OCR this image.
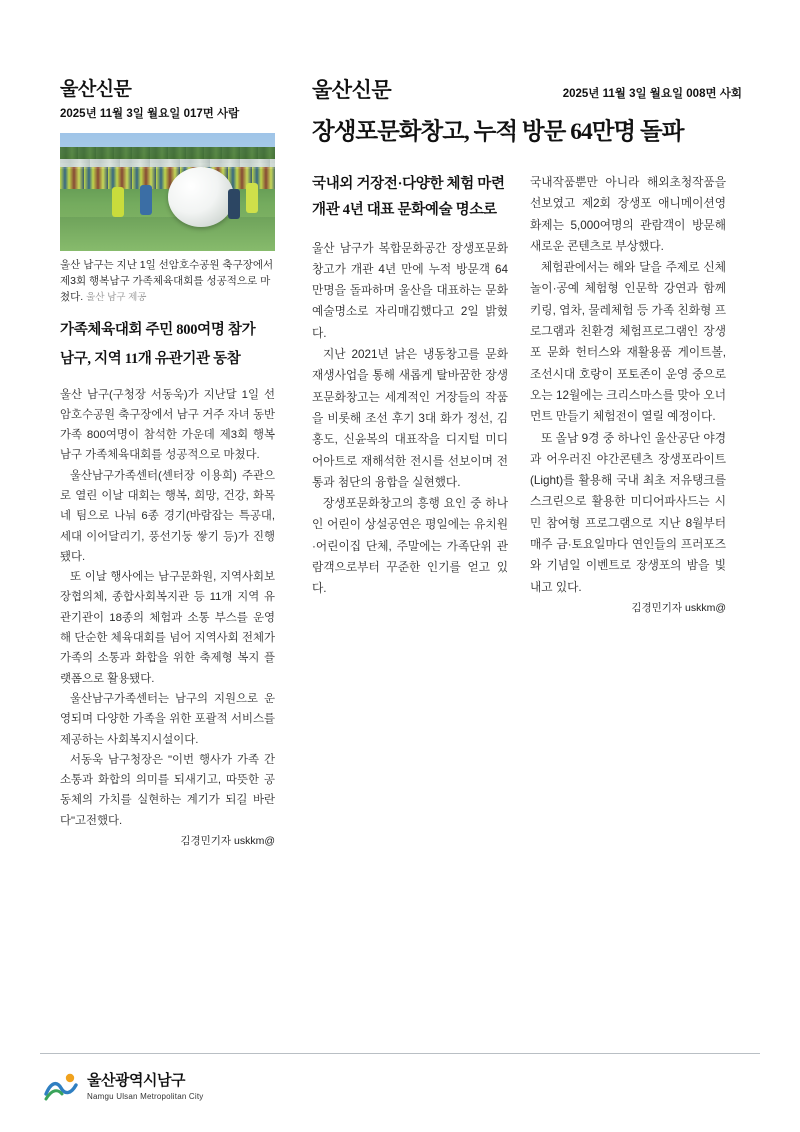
울산신문
2025년 11월 3일 월요일 017면 사람
울산 남구는 지난 1일 선암호수공원 축구장에서 제3회 행복남구 가족체육대회를 성공적으로 마쳤다. 울산 남구 제공
가족체육대회 주민 800여명 참가
남구, 지역 11개 유관기관 동참

울산 남구(구청장 서동욱)가 지난달 1일 선암호수공원 축구장에서 남구 거주 자녀 동반 가족 800여명이 참석한 가운데 제3회 행복남구 가족체육대회를 성공적으로 마쳤다.

울산남구가족센터(센터장 이용희) 주관으로 열린 이날 대회는 행복, 희망, 건강, 화목 네 팀으로 나눠 6종 경기(바람잡는 특공대, 세대 이어달리기, 풍선기둥 쌓기 등)가 진행됐다.

또 이날 행사에는 남구문화원, 지역사회보장협의체, 종합사회복지관 등 11개 지역 유관기관이 18종의 체험과 소통 부스를 운영해 단순한 체육대회를 넘어 지역사회 전체가 가족의 소통과 화합을 위한 축제형 복지 플랫폼으로 활용됐다.

울산남구가족센터는 남구의 지원으로 운영되며 다양한 가족을 위한 포괄적 서비스를 제공하는 사회복지시설이다.

서동욱 남구청장은 "이번 행사가 가족 간 소통과 화합의 의미를 되새기고, 따뜻한 공동체의 가치를 실현하는 계기가 되길 바란다"고전했다.

김경민기자 uskkm@
울산신문	2025년 11월 3일 월요일 008면 사회
장생포문화창고, 누적 방문 64만명 돌파
국내외 거장전·다양한 체험 마련
개관 4년 대표 문화예술 명소로

울산 남구가 복합문화공간 장생포문화창고가 개관 4년 만에 누적 방문객 64만명을 돌파하며 울산을 대표하는 문화예술명소로 자리매김했다고 2일 밝혔다.

지난 2021년 낡은 냉동창고를 문화재생사업을 통해 새롭게 탈바꿈한 장생포문화창고는 세계적인 거장들의 작품을 비롯해 조선 후기 3대 화가 정선, 김홍도, 신윤복의 대표작을 디지털 미디어아트로 재해석한 전시를 선보이며 전통과 첨단의 융합을 실현했다.

장생포문화창고의 흥행 요인 중 하나인 어린이 상설공연은 평일에는 유치원·어린이집 단체, 주말에는 가족단위 관람객으로부터 꾸준한 인기를 얻고 있다.

국내작품뿐만 아니라 해외초청작품을 선보였고 제2회 장생포 애니메이션영화제는 5,000여명의 관람객이 방문해 새로운 콘텐츠로 부상했다.

체험관에서는 해와 달을 주제로 신체놀이·공예 체험형 인문학 강연과 함께 키링, 엽차, 물레체험 등 가족 친화형 프로그램과 친환경 체험프로그램인 장생포 문화 헌터스와 재활용품 게이트볼, 조선시대 호랑이 포토존이 운영 중으로 오는 12월에는 크리스마스를 맞아 오너먼트 만들기 체험전이 열릴 예정이다.

또 올남 9경 중 하나인 울산공단 야경과 어우러진 야간콘텐츠 장생포라이트(Light)를 활용해 국내 최초 저유탱크를 스크린으로 활용한 미디어파사드는 시민 참여형 프로그램으로 지난 8월부터 매주 금·토요일마다 연인들의 프러포즈와 기념일 이벤트로 장생포의 밤을 빛내고 있다.

김경민기자 uskkm@
울산광역시남구
Namgu Ulsan Metropolitan City
